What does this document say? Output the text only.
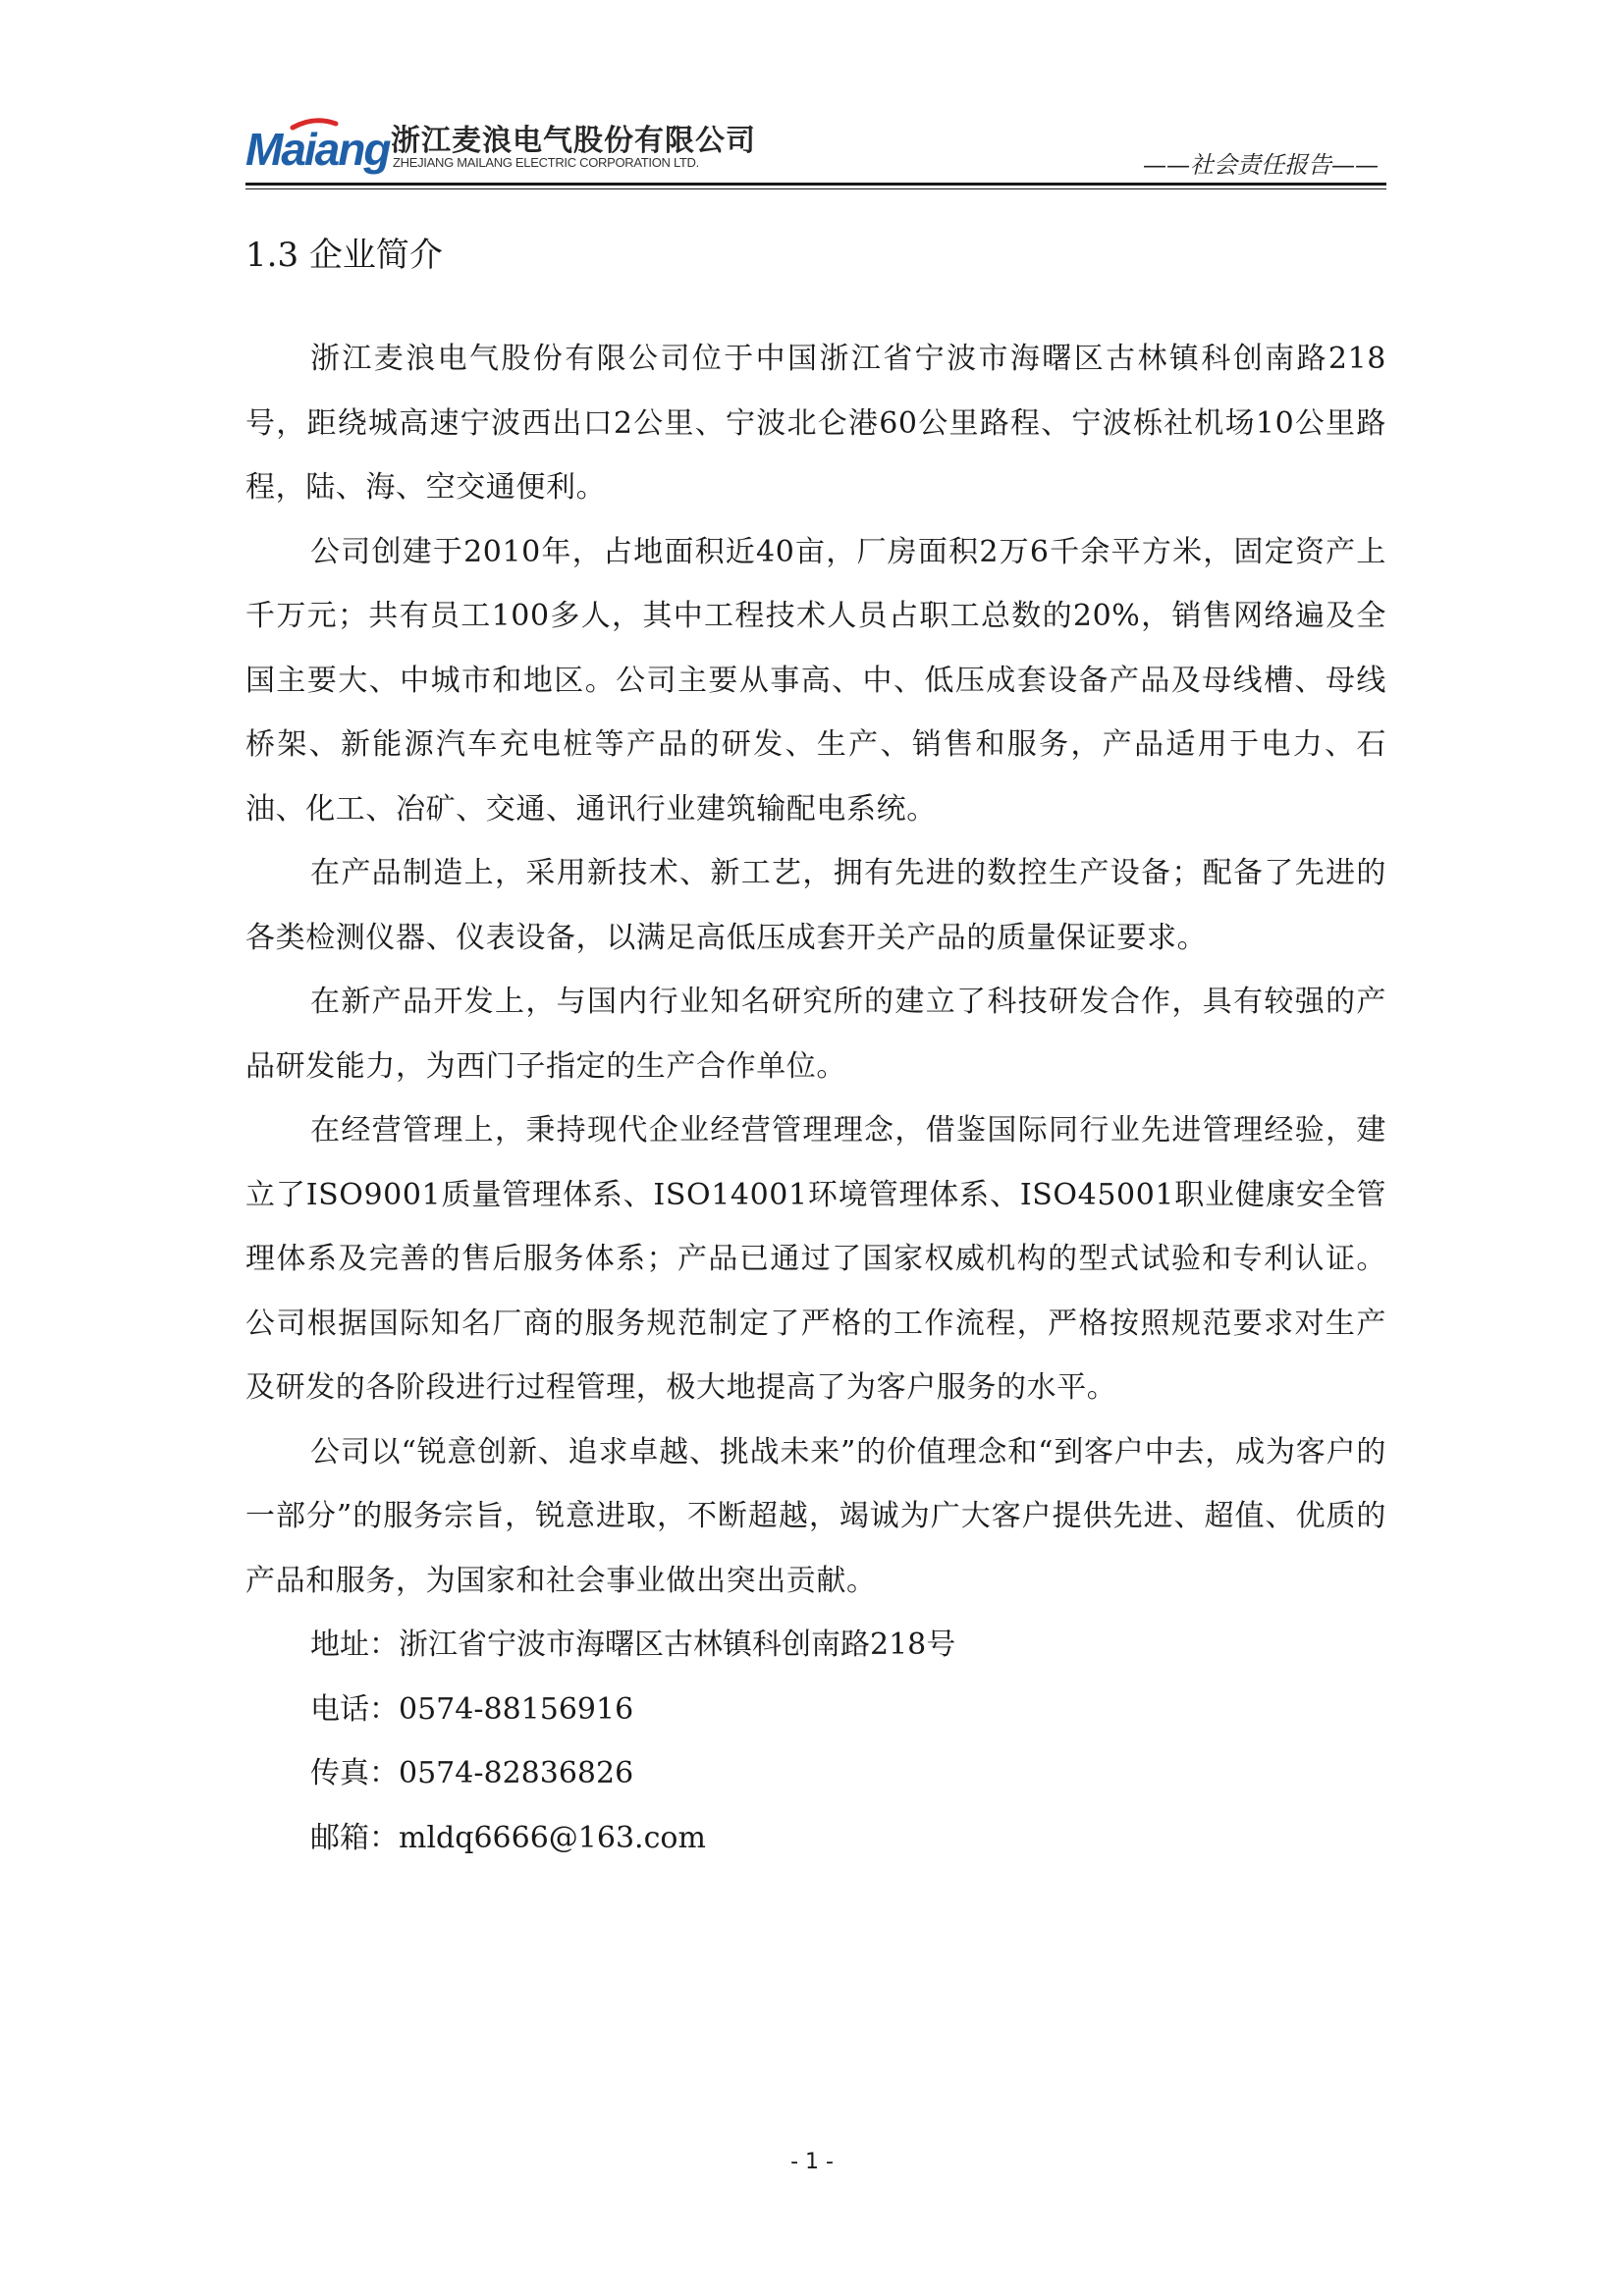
Maiang 浙江麦浪电气股份有限公司
ZHEJIANG MAILANG ELECTRIC CORPORATION LTD.	——社会责任报告——
1.3 企业简介

浙江麦浪电气股份有限公司位于中国浙江省宁波市海曙区古林镇科创南路218号，距绕城高速宁波西出口2公里、宁波北仑港60公里路程、宁波栎社机场10公里路程，陆、海、空交通便利。

公司创建于2010年，占地面积近40亩，厂房面积2万6千余平方米，固定资产上千万元；共有员工100多人，其中工程技术人员占职工总数的20%，销售网络遍及全国主要大、中城市和地区。公司主要从事高、中、低压成套设备产品及母线槽、母线桥架、新能源汽车充电桩等产品的研发、生产、销售和服务，产品适用于电力、石油、化工、冶矿、交通、通讯行业建筑输配电系统。

在产品制造上，采用新技术、新工艺，拥有先进的数控生产设备；配备了先进的各类检测仪器、仪表设备，以满足高低压成套开关产品的质量保证要求。

在新产品开发上，与国内行业知名研究所的建立了科技研发合作，具有较强的产品研发能力，为西门子指定的生产合作单位。

在经营管理上，秉持现代企业经营管理理念，借鉴国际同行业先进管理经验，建立了ISO9001质量管理体系、ISO14001环境管理体系、ISO45001职业健康安全管理体系及完善的售后服务体系；产品已通过了国家权威机构的型式试验和专利认证。公司根据国际知名厂商的服务规范制定了严格的工作流程，严格按照规范要求对生产及研发的各阶段进行过程管理，极大地提高了为客户服务的水平。

公司以“锐意创新、追求卓越、挑战未来”的价值理念和“到客户中去，成为客户的一部分”的服务宗旨，锐意进取，不断超越，竭诚为广大客户提供先进、超值、优质的产品和服务，为国家和社会事业做出突出贡献。

地址：浙江省宁波市海曙区古林镇科创南路218号

电话：0574-88156916

传真：0574-82836826

邮箱：mldq6666@163.com

- 1 -
